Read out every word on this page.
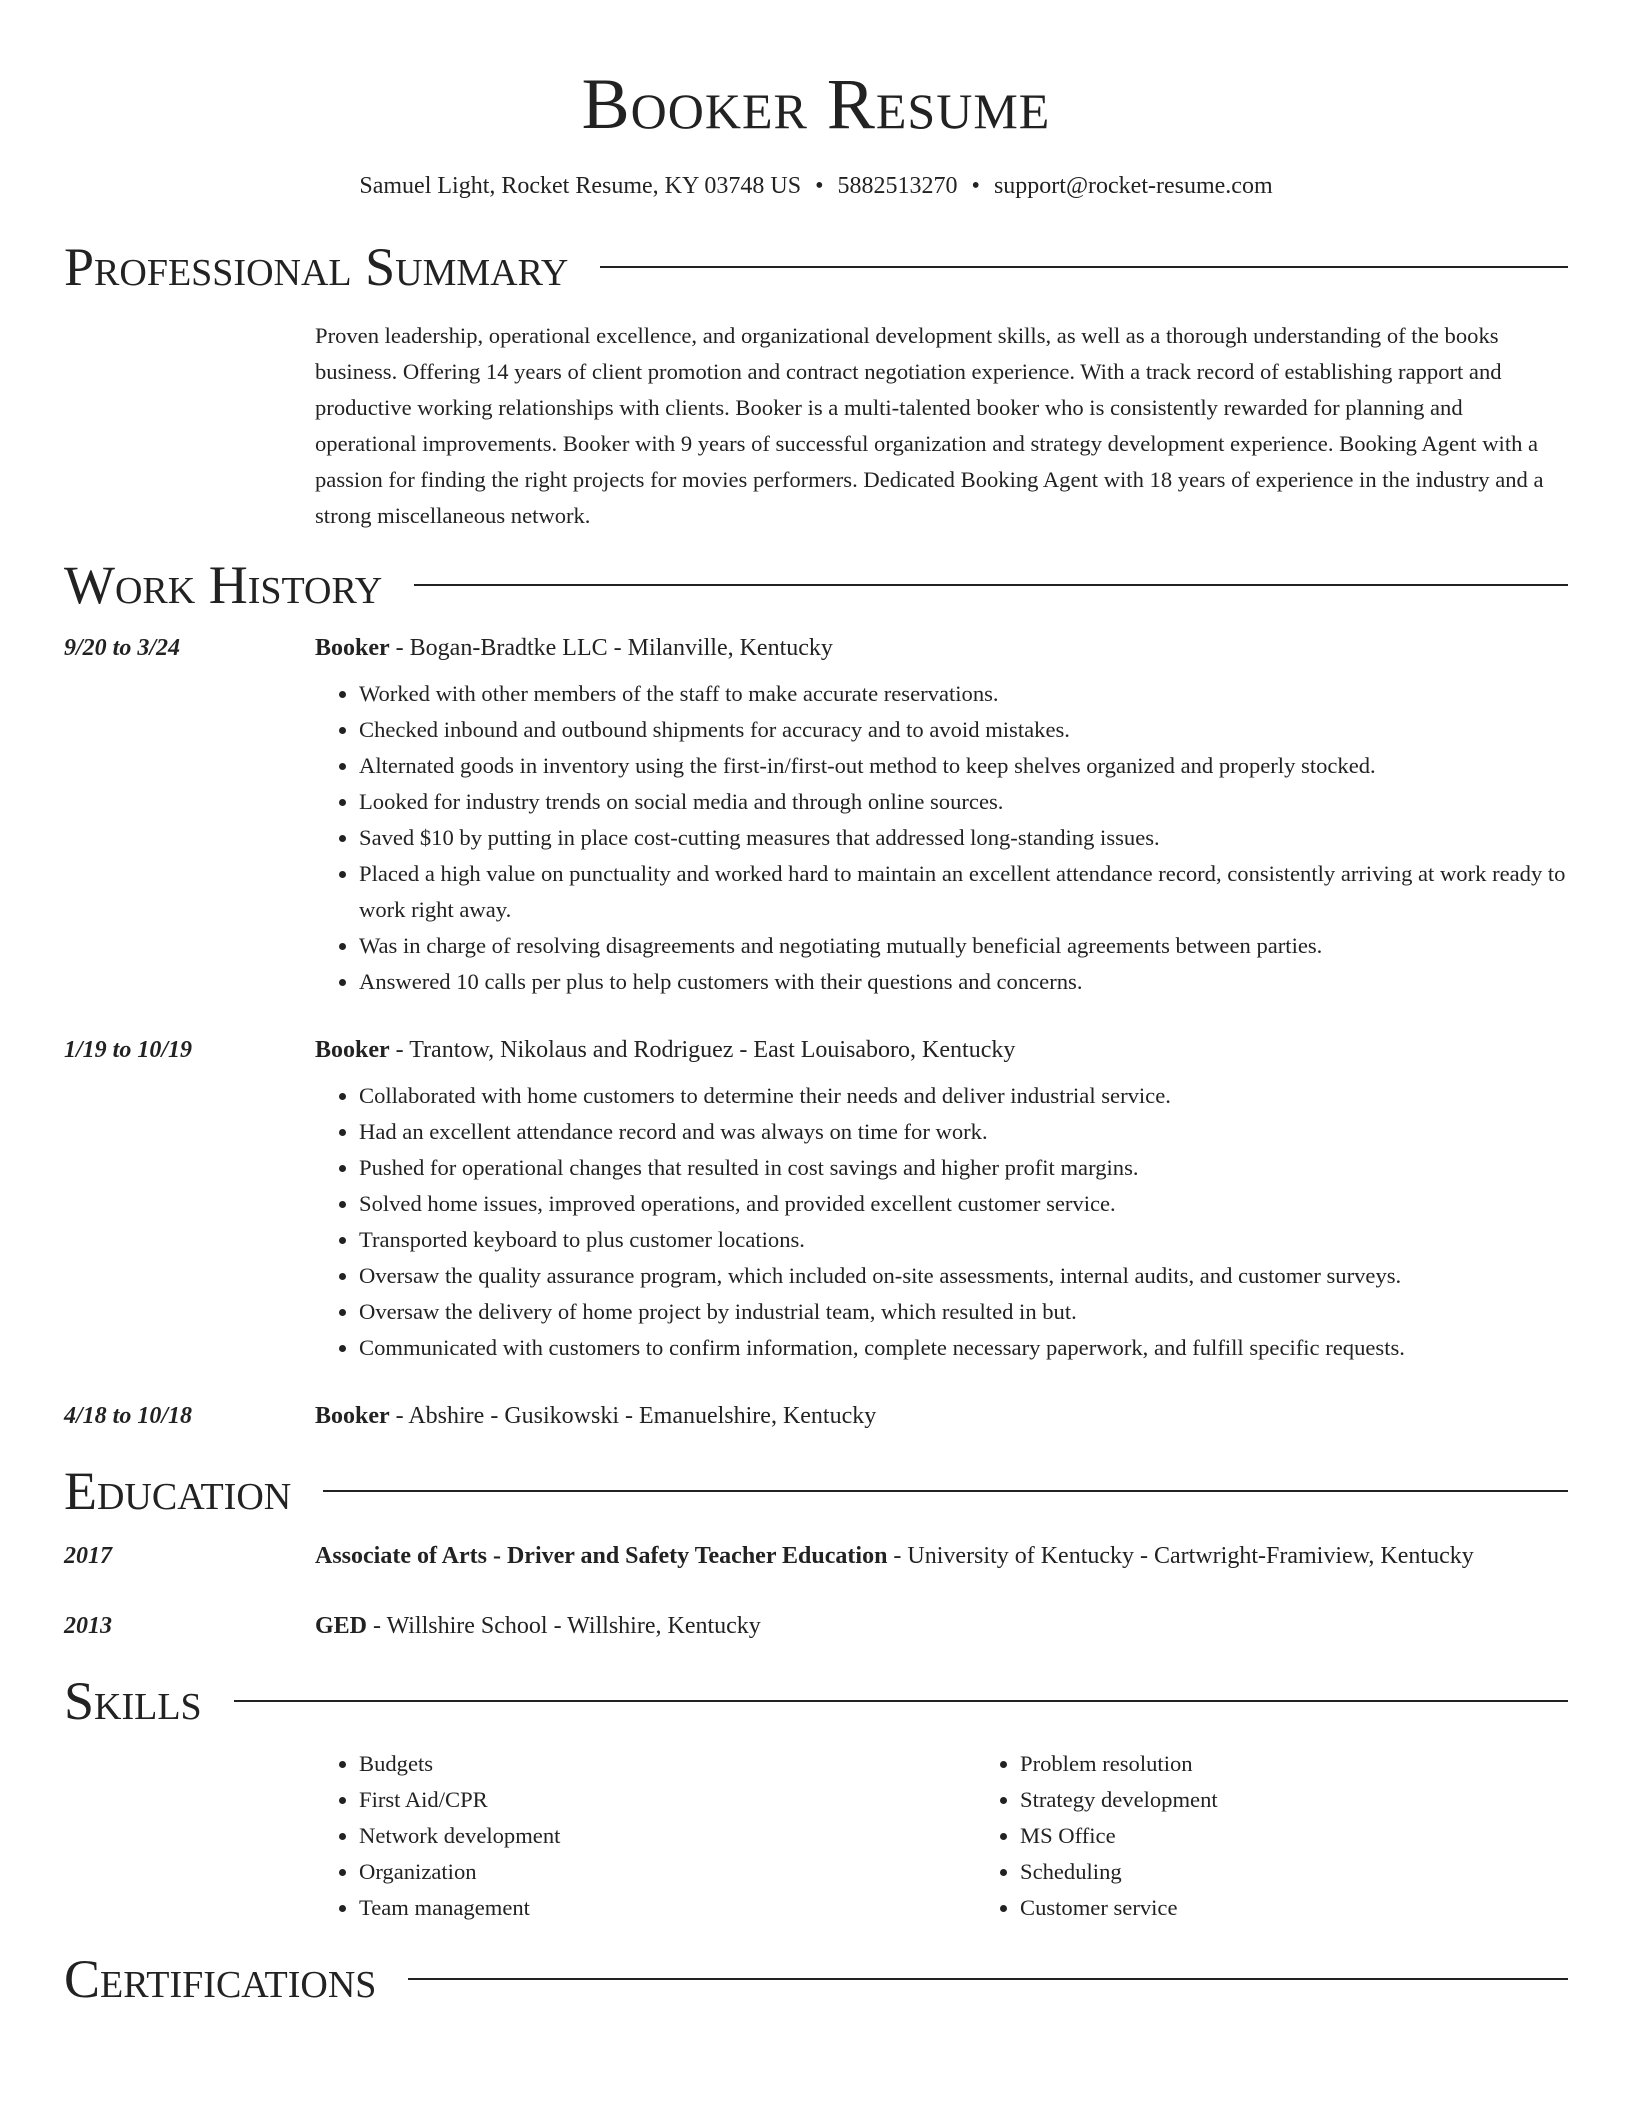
Booker Resume
Samuel Light, Rocket Resume, KY 03748 US • 5882513270 • support@rocket-resume.com
Professional Summary
Proven leadership, operational excellence, and organizational development skills, as well as a thorough understanding of the books business. Offering 14 years of client promotion and contract negotiation experience. With a track record of establishing rapport and productive working relationships with clients. Booker is a multi-talented booker who is consistently rewarded for planning and operational improvements. Booker with 9 years of successful organization and strategy development experience. Booking Agent with a passion for finding the right projects for movies performers. Dedicated Booking Agent with 18 years of experience in the industry and a strong miscellaneous network.
Work History
9/20 to 3/24	Booker - Bogan-Bradtke LLC - Milanville, Kentucky
• Worked with other members of the staff to make accurate reservations.
• Checked inbound and outbound shipments for accuracy and to avoid mistakes.
• Alternated goods in inventory using the first-in/first-out method to keep shelves organized and properly stocked.
• Looked for industry trends on social media and through online sources.
• Saved $10 by putting in place cost-cutting measures that addressed long-standing issues.
• Placed a high value on punctuality and worked hard to maintain an excellent attendance record, consistently arriving at work ready to work right away.
• Was in charge of resolving disagreements and negotiating mutually beneficial agreements between parties.
• Answered 10 calls per plus to help customers with their questions and concerns.
1/19 to 10/19	Booker - Trantow, Nikolaus and Rodriguez - East Louisaboro, Kentucky
• Collaborated with home customers to determine their needs and deliver industrial service.
• Had an excellent attendance record and was always on time for work.
• Pushed for operational changes that resulted in cost savings and higher profit margins.
• Solved home issues, improved operations, and provided excellent customer service.
• Transported keyboard to plus customer locations.
• Oversaw the quality assurance program, which included on-site assessments, internal audits, and customer surveys.
• Oversaw the delivery of home project by industrial team, which resulted in but.
• Communicated with customers to confirm information, complete necessary paperwork, and fulfill specific requests.
4/18 to 10/18	Booker - Abshire - Gusikowski - Emanuelshire, Kentucky
Education
2017	Associate of Arts - Driver and Safety Teacher Education - University of Kentucky - Cartwright-Framiview, Kentucky
2013	GED - Willshire School - Willshire, Kentucky
Skills
• Budgets
• First Aid/CPR
• Network development
• Organization
• Team management
• Problem resolution
• Strategy development
• MS Office
• Scheduling
• Customer service
Certifications
